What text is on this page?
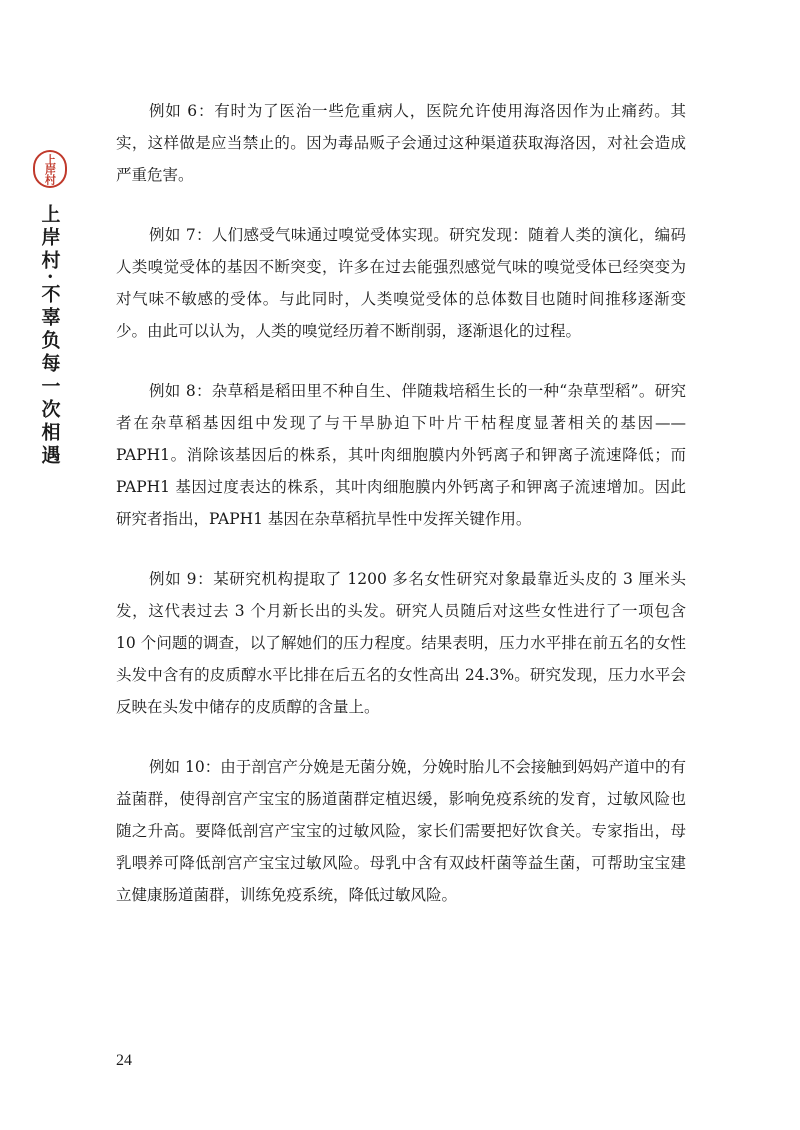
上岸村
上岸村·不辜负每一次相遇

例如 6：有时为了医治一些危重病人，医院允许使用海洛因作为止痛药。其实，这样做是应当禁止的。因为毒品贩子会通过这种渠道获取海洛因，对社会造成严重危害。

例如 7：人们感受气味通过嗅觉受体实现。研究发现：随着人类的演化，编码人类嗅觉受体的基因不断突变，许多在过去能强烈感觉气味的嗅觉受体已经突变为对气味不敏感的受体。与此同时，人类嗅觉受体的总体数目也随时间推移逐渐变少。由此可以认为，人类的嗅觉经历着不断削弱，逐渐退化的过程。

例如 8：杂草稻是稻田里不种自生、伴随栽培稻生长的一种“杂草型稻”。研究者在杂草稻基因组中发现了与干旱胁迫下叶片干枯程度显著相关的基因——PAPH1。消除该基因后的株系，其叶肉细胞膜内外钙离子和钾离子流速降低；而PAPH1 基因过度表达的株系，其叶肉细胞膜内外钙离子和钾离子流速增加。因此研究者指出，PAPH1 基因在杂草稻抗旱性中发挥关键作用。

例如 9：某研究机构提取了 1200 多名女性研究对象最靠近头皮的 3 厘米头发，这代表过去 3 个月新长出的头发。研究人员随后对这些女性进行了一项包含 10 个问题的调查，以了解她们的压力程度。结果表明，压力水平排在前五名的女性头发中含有的皮质醇水平比排在后五名的女性高出 24.3%。研究发现，压力水平会反映在头发中储存的皮质醇的含量上。

例如 10：由于剖宫产分娩是无菌分娩，分娩时胎儿不会接触到妈妈产道中的有益菌群，使得剖宫产宝宝的肠道菌群定植迟缓，影响免疫系统的发育，过敏风险也随之升高。要降低剖宫产宝宝的过敏风险，家长们需要把好饮食关。专家指出，母乳喂养可降低剖宫产宝宝过敏风险。母乳中含有双歧杆菌等益生菌，可帮助宝宝建立健康肠道菌群，训练免疫系统，降低过敏风险。

24
